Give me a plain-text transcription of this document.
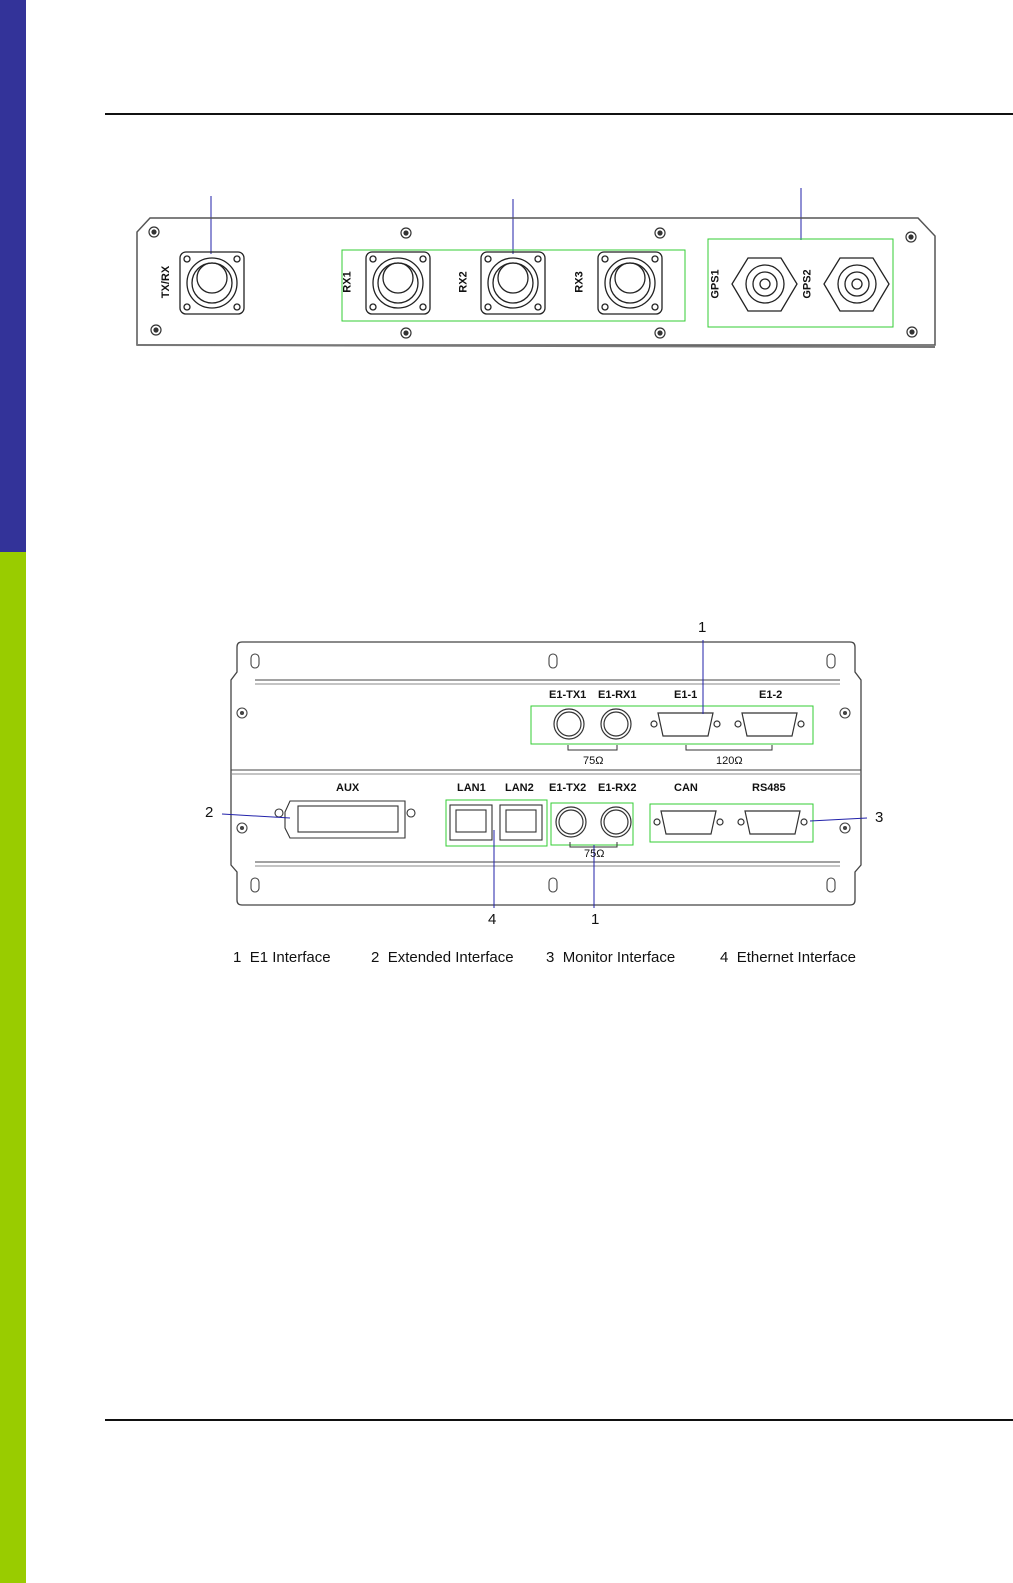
TX/RX	RX1	RX2	RX3	GPS1	GPS2
E1-TX1 E1-RX1	E1-1	E1-2
75Ω	120Ω
AUX	LAN1 LAN2 E1-TX2 E1-RX2	CAN	RS485
75Ω
1
2	3
4	1
1 E1 Interface	2 Extended Interface 3 Monitor Interface	4 Ethernet Interface
